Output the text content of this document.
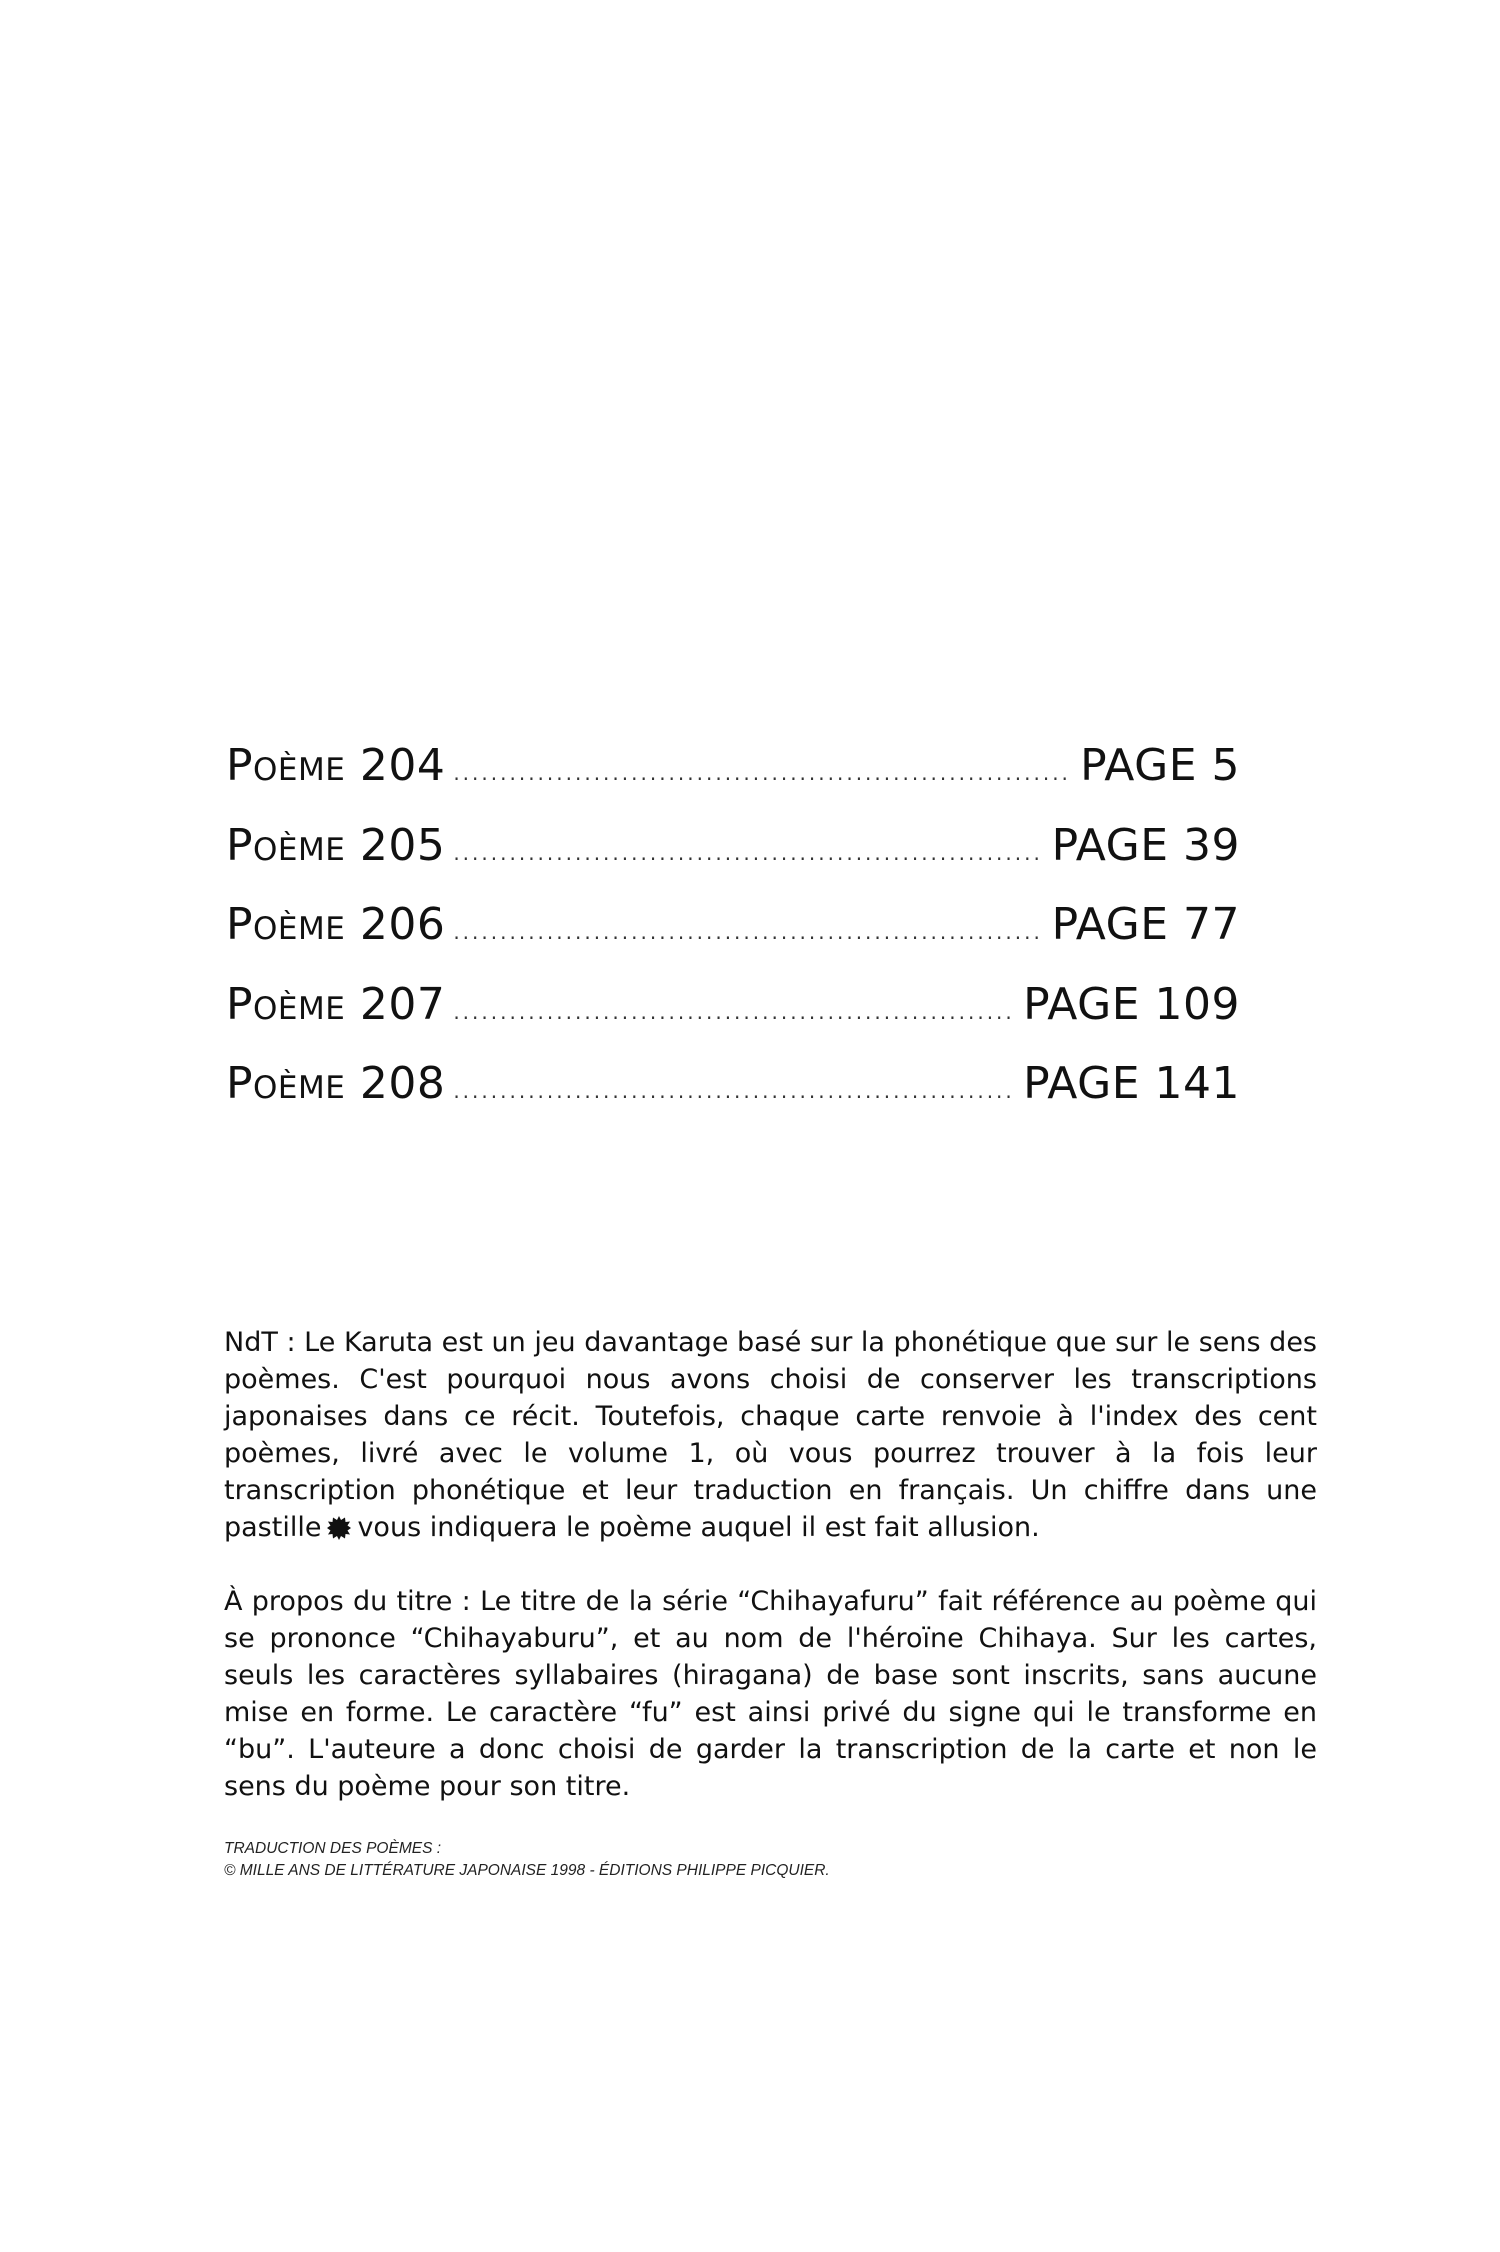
Poème 204 .....	PAGE 5
Poème 205 .....	PAGE 39
Poème 206 .....	PAGE 77
Poème 207 .....	PAGE 109
Poème 208 .....	PAGE 141

NdT : Le Karuta est un jeu davantage basé sur la phonétique que sur le sens des poèmes. C'est pourquoi nous avons choisi de conserver les transcriptions japonaises dans ce récit. Toutefois, chaque carte renvoie à l'index des cent poèmes, livré avec le volume 1, où vous pourrez trouver à la fois leur transcription phonétique et leur traduction en français. Un chiffre dans une pastille vous indiquera le poème auquel il est fait allusion.

À propos du titre : Le titre de la série “Chihayafuru” fait référence au poème qui se prononce “Chihayaburu”, et au nom de l'héroïne Chihaya. Sur les cartes, seuls les caractères syllabaires (hiragana) de base sont inscrits, sans aucune mise en forme. Le caractère “fu” est ainsi privé du signe qui le transforme en “bu”. L'auteure a donc choisi de garder la transcription de la carte et non le sens du poème pour son titre.

TRADUCTION DES POÈMES :
© MILLE ANS DE LITTÉRATURE JAPONAISE 1998 - ÉDITIONS PHILIPPE PICQUIER.
